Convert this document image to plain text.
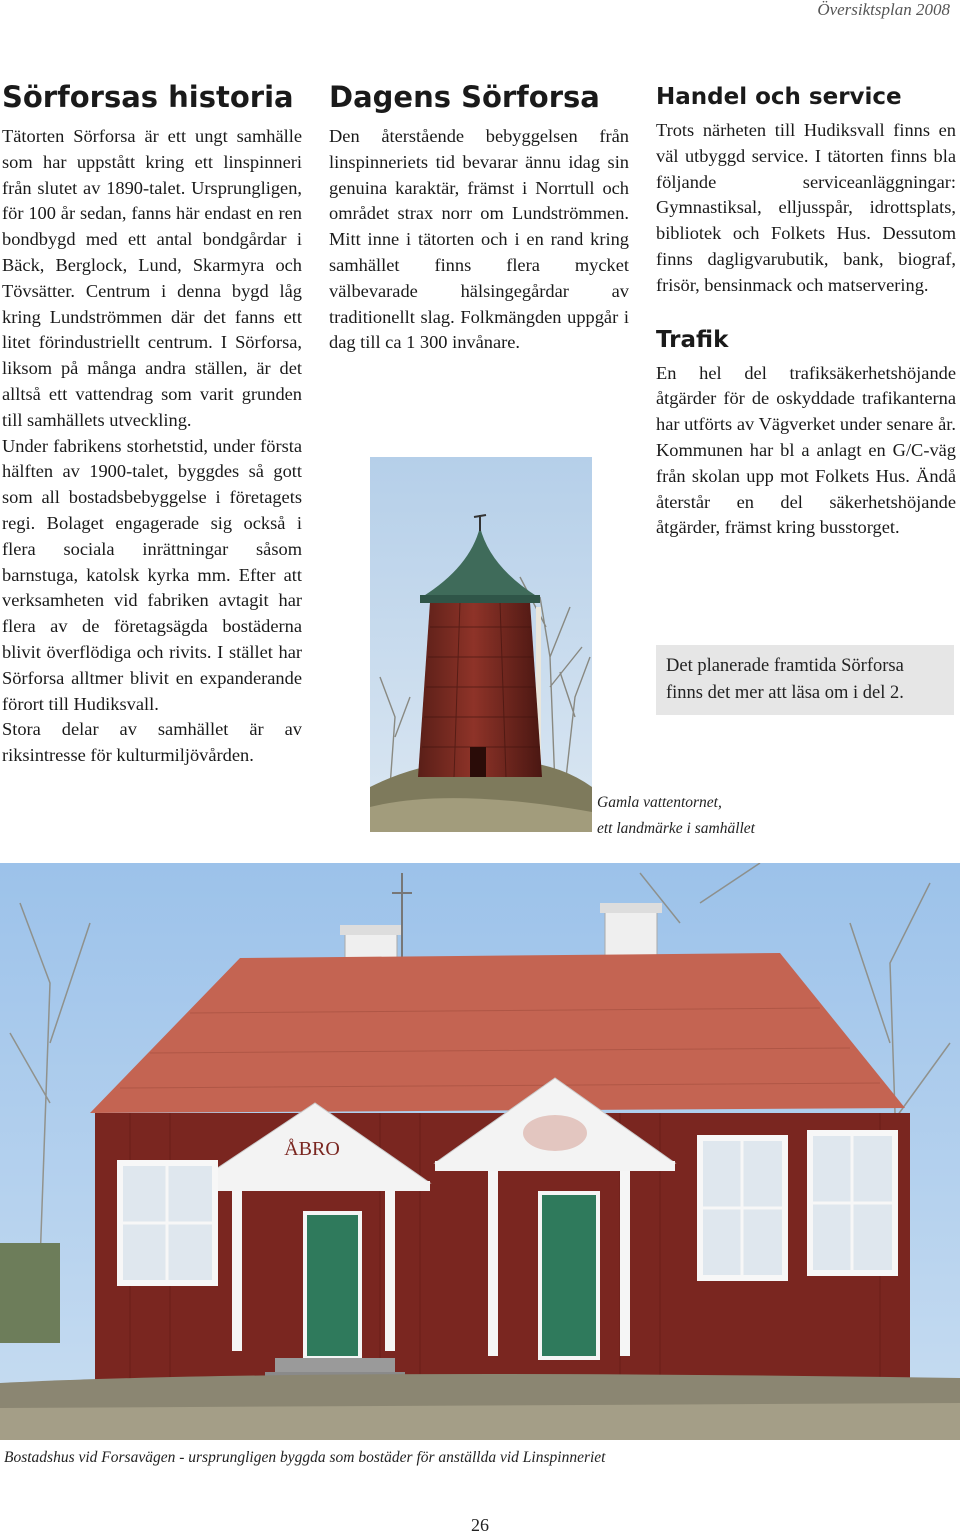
Översiktsplan 2008
Sörforsas historia

Tätorten Sörforsa är ett ungt samhälle som har uppstått kring ett linspinneri från slutet av 1890-talet. Ursprungligen, för 100 år sedan, fanns här endast en ren bondbygd med ett antal bondgårdar i Bäck, Berglock, Lund, Skarmyra och Tövsätter. Centrum i denna bygd låg kring Lundströmmen där det fanns ett litet förindustriellt centrum. I Sörforsa, liksom på många andra ställen, är det alltså ett vattendrag som varit grunden till samhällets utveckling.

Under fabrikens storhetstid, under första hälften av 1900-talet, byggdes så gott som all bostadsbebyggelse i företagets regi. Bolaget engagerade sig också i flera sociala inrättningar såsom barnstuga, katolsk kyrka mm. Efter att verksamheten vid fabriken avtagit har flera av de företagsägda bostäderna blivit överflödiga och rivits. I stället har Sörforsa alltmer blivit en expanderande förort till Hudiksvall.

Stora delar av samhället är av riksintresse för kulturmiljövården.

Dagens Sörforsa

Den återstående bebyggelsen från linspinneriets tid bevarar ännu idag sin genuina karaktär, främst i Norrtull och området strax norr om Lundströmmen. Mitt inne i tätorten och i en rand kring samhället finns flera mycket välbevarade hälsingegårdar av traditionellt slag. Folkmängden uppgår i dag till ca 1 300 invånare.

Handel och service

Trots närheten till Hudiksvall finns en väl utbyggd service. I tätorten finns bla följande serviceanläggningar: Gymnastiksal, elljusspår, idrottsplats, bibliotek och Folkets Hus. Dessutom finns dagligvarubutik, bank, biograf, frisör, bensinmack och matservering.

Trafik

En hel del trafiksäkerhetshöjande åtgärder för de oskyddade trafikanterna har utförts av Vägverket under senare år. Kommunen har bl a anlagt en G/C-väg från skolan upp mot Folkets Hus. Ändå återstår en del säkerhetshöjande åtgärder, främst kring busstorget.

Det planerade framtida Sörforsa finns det mer att läsa om i del 2.
Gamla vattentornet,
ett landmärke i samhället
ÅBRO
Bostadshus vid Forsavägen - ursprungligen byggda som bostäder för anställda vid Linspinneriet
26
